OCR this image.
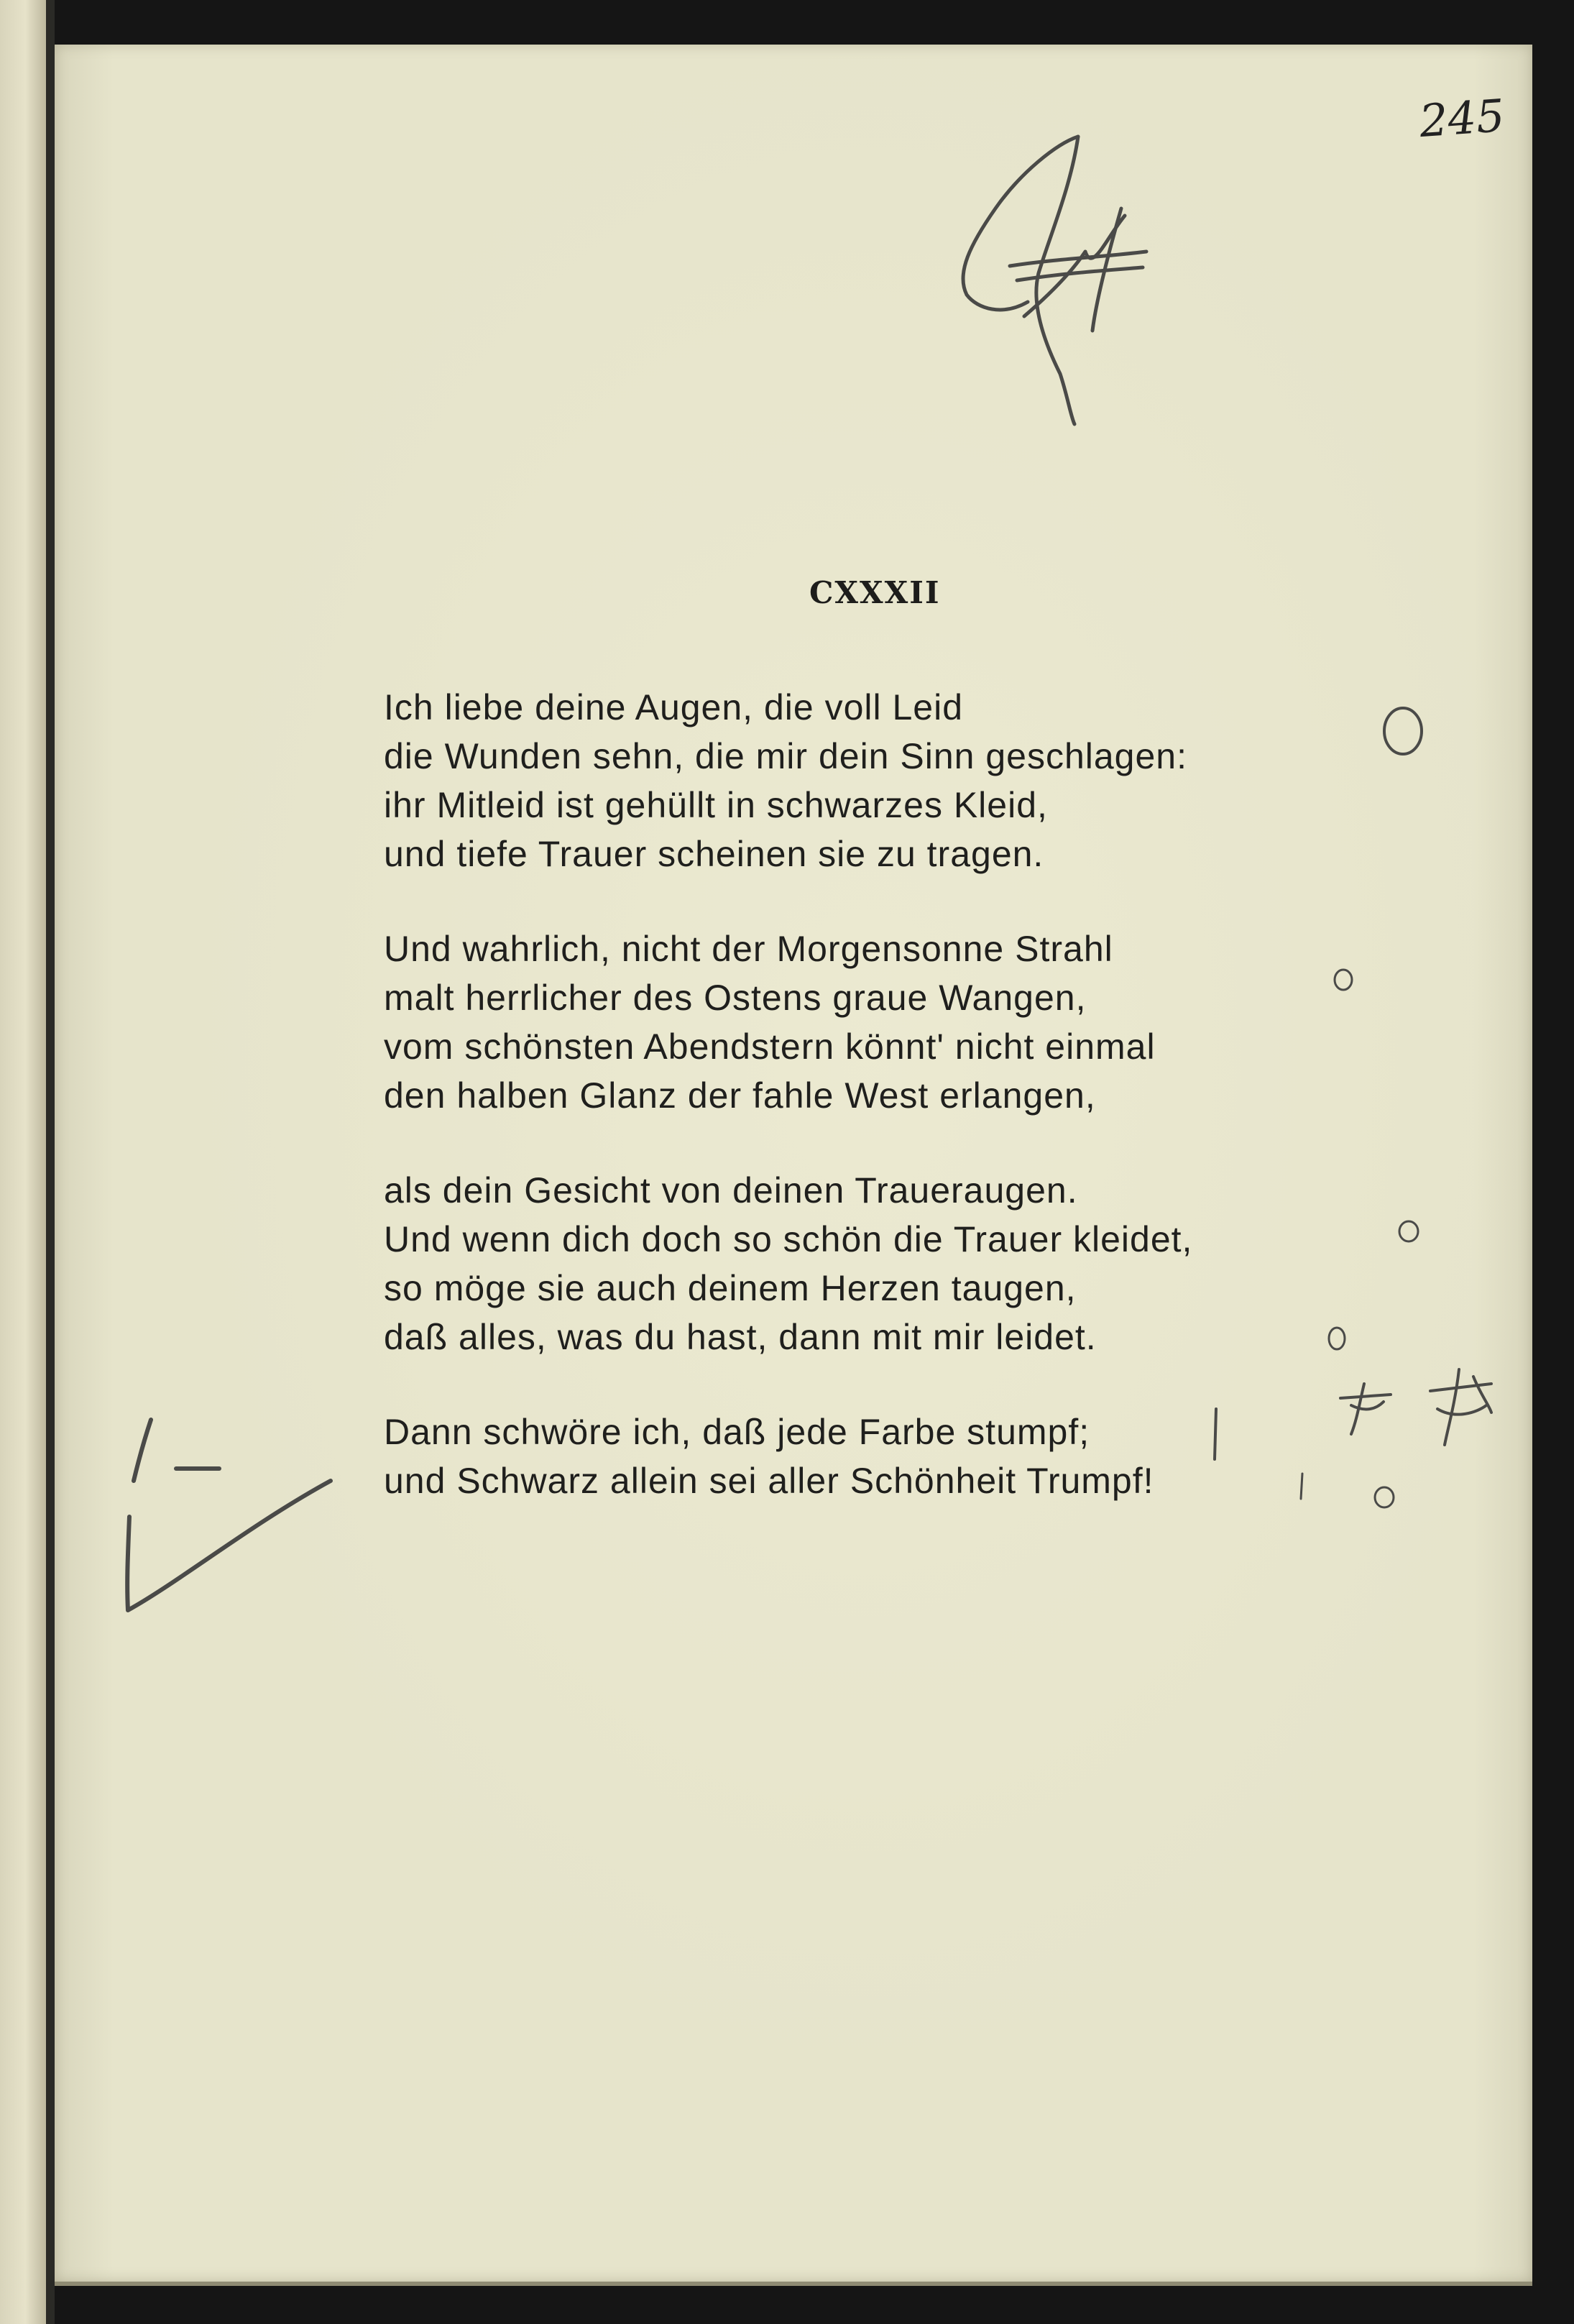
245
CXXXII
Ich liebe deine Augen, die voll Leid
die Wunden sehn, die mir dein Sinn geschlagen:
ihr Mitleid ist gehüllt in schwarzes Kleid,
und tiefe Trauer scheinen sie zu tragen.
Und wahrlich, nicht der Morgensonne Strahl
malt herrlicher des Ostens graue Wangen,
vom schönsten Abendstern könnt' nicht einmal
den halben Glanz der fahle West erlangen,
als dein Gesicht von deinen Traueraugen.
Und wenn dich doch so schön die Trauer kleidet,
so möge sie auch deinem Herzen taugen,
daß alles, was du hast, dann mit mir leidet.
Dann schwöre ich, daß jede Farbe stumpf;
und Schwarz allein sei aller Schönheit Trumpf!
